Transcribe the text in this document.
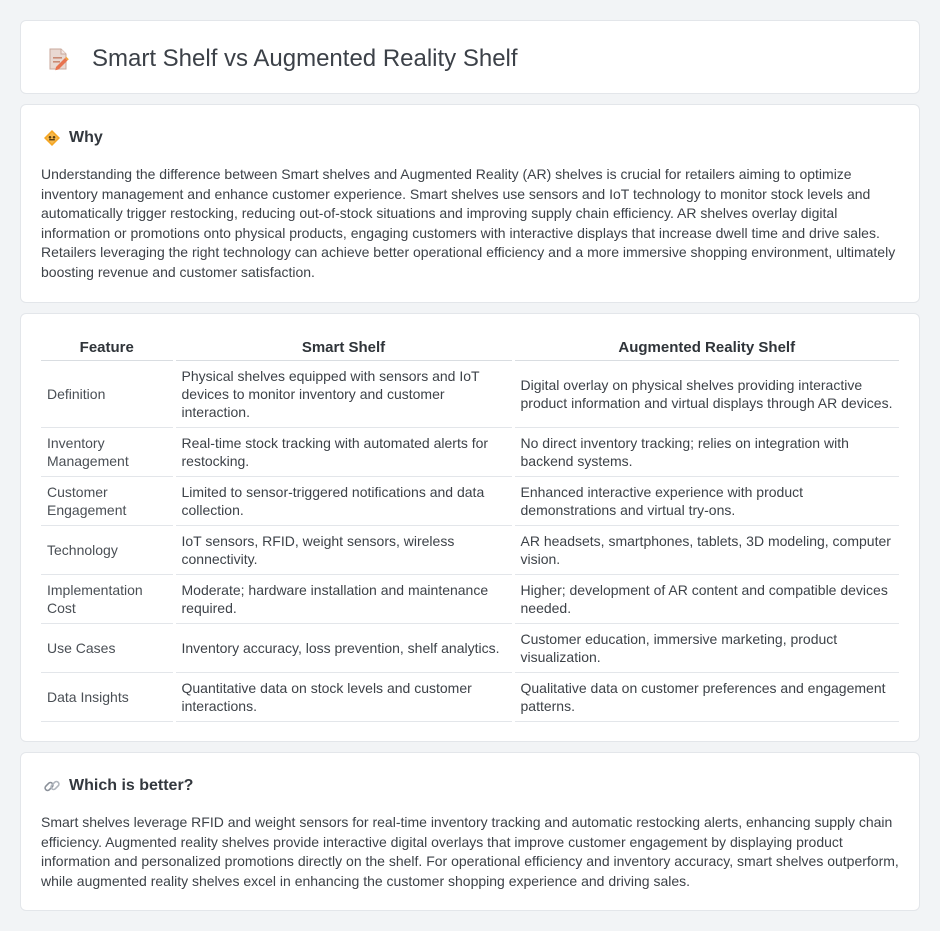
Smart Shelf vs Augmented Reality Shelf
Why

Understanding the difference between Smart shelves and Augmented Reality (AR) shelves is crucial for retailers aiming to optimize inventory management and enhance customer experience. Smart shelves use sensors and IoT technology to monitor stock levels and automatically trigger restocking, reducing out-of-stock situations and improving supply chain efficiency. AR shelves overlay digital information or promotions onto physical products, engaging customers with interactive displays that increase dwell time and drive sales. Retailers leveraging the right technology can achieve better operational efficiency and a more immersive shopping environment, ultimately boosting revenue and customer satisfaction.

Feature	Smart Shelf	Augmented Reality Shelf
Definition	Physical shelves equipped with sensors and IoT devices to monitor inventory and customer interaction.	Digital overlay on physical shelves providing interactive product information and virtual displays through AR devices.
Inventory Management	Real-time stock tracking with automated alerts for restocking.	No direct inventory tracking; relies on integration with backend systems.
Customer Engagement	Limited to sensor-triggered notifications and data collection.	Enhanced interactive experience with product demonstrations and virtual try-ons.
Technology	IoT sensors, RFID, weight sensors, wireless connectivity.	AR headsets, smartphones, tablets, 3D modeling, computer vision.
Implementation Cost	Moderate; hardware installation and maintenance required.	Higher; development of AR content and compatible devices needed.
Use Cases	Inventory accuracy, loss prevention, shelf analytics.	Customer education, immersive marketing, product visualization.
Data Insights	Quantitative data on stock levels and customer interactions.	Qualitative data on customer preferences and engagement patterns.
Which is better?

Smart shelves leverage RFID and weight sensors for real-time inventory tracking and automatic restocking alerts, enhancing supply chain efficiency. Augmented reality shelves provide interactive digital overlays that improve customer engagement by displaying product information and personalized promotions directly on the shelf. For operational efficiency and inventory accuracy, smart shelves outperform, while augmented reality shelves excel in enhancing the customer shopping experience and driving sales.
